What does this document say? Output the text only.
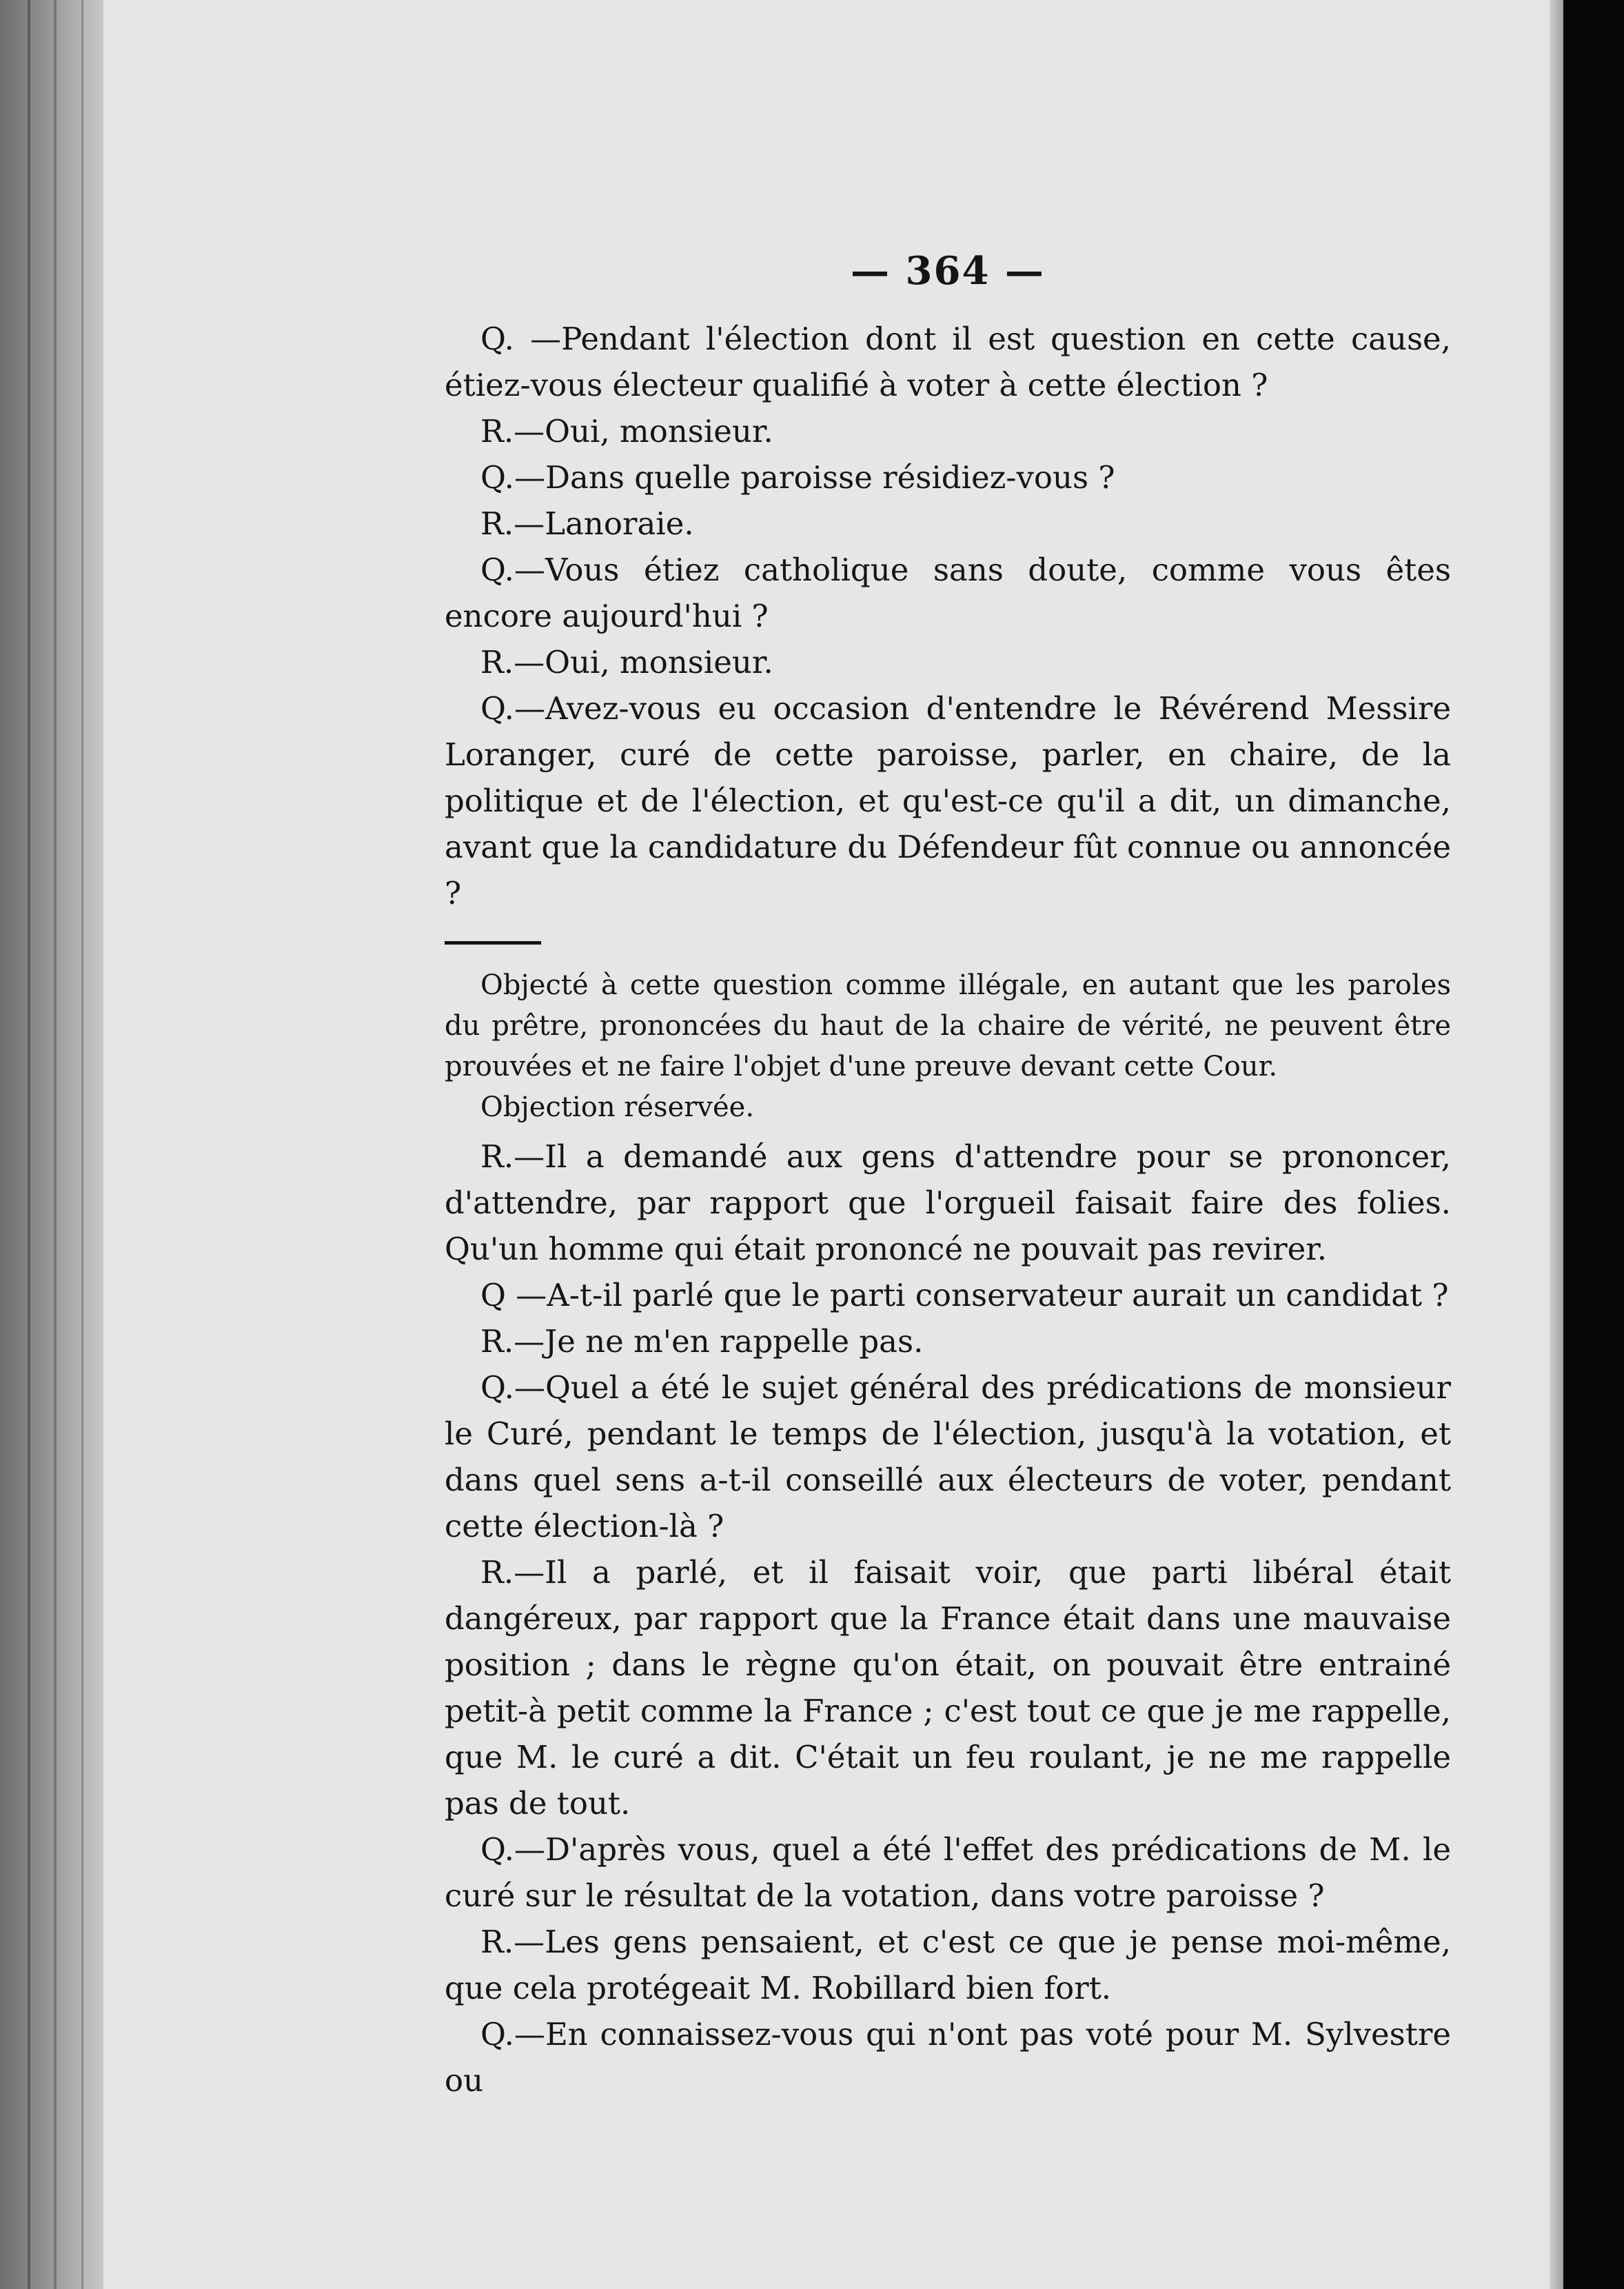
— 364 —

Q. —Pendant l'élection dont il est question en cette cause, étiez-vous électeur qualifié à voter à cette élection ?

R.—Oui, monsieur.

Q.—Dans quelle paroisse résidiez-vous ?

R.—Lanoraie.

Q.—Vous étiez catholique sans doute, comme vous êtes encore aujourd'hui ?

R.—Oui, monsieur.

Q.—Avez-vous eu occasion d'entendre le Révérend Messire Loranger, curé de cette paroisse, parler, en chaire, de la politique et de l'élection, et qu'est-ce qu'il a dit, un dimanche, avant que la candidature du Défendeur fût connue ou annoncée ?

Objecté à cette question comme illégale, en autant que les paroles du prêtre, prononcées du haut de la chaire de vérité, ne peuvent être prouvées et ne faire l'objet d'une preuve devant cette Cour.

Objection réservée.

R.—Il a demandé aux gens d'attendre pour se prononcer, d'attendre, par rapport que l'orgueil faisait faire des folies. Qu'un homme qui était prononcé ne pouvait pas revirer.

Q —A-t-il parlé que le parti conservateur aurait un candidat ?

R.—Je ne m'en rappelle pas.

Q.—Quel a été le sujet général des prédications de monsieur le Curé, pendant le temps de l'élection, jusqu'à la votation, et dans quel sens a-t-il conseillé aux électeurs de voter, pendant cette élection-là ?

R.—Il a parlé, et il faisait voir, que parti libéral était dangéreux, par rapport que la France était dans une mauvaise position ; dans le règne qu'on était, on pouvait être entrainé petit-à petit comme la France ; c'est tout ce que je me rappelle, que M. le curé a dit. C'était un feu roulant, je ne me rappelle pas de tout.

Q.—D'après vous, quel a été l'effet des prédications de M. le curé sur le résultat de la votation, dans votre paroisse ?

R.—Les gens pensaient, et c'est ce que je pense moi-même, que cela protégeait M. Robillard bien fort.

Q.—En connaissez-vous qui n'ont pas voté pour M. Sylvestre ou
